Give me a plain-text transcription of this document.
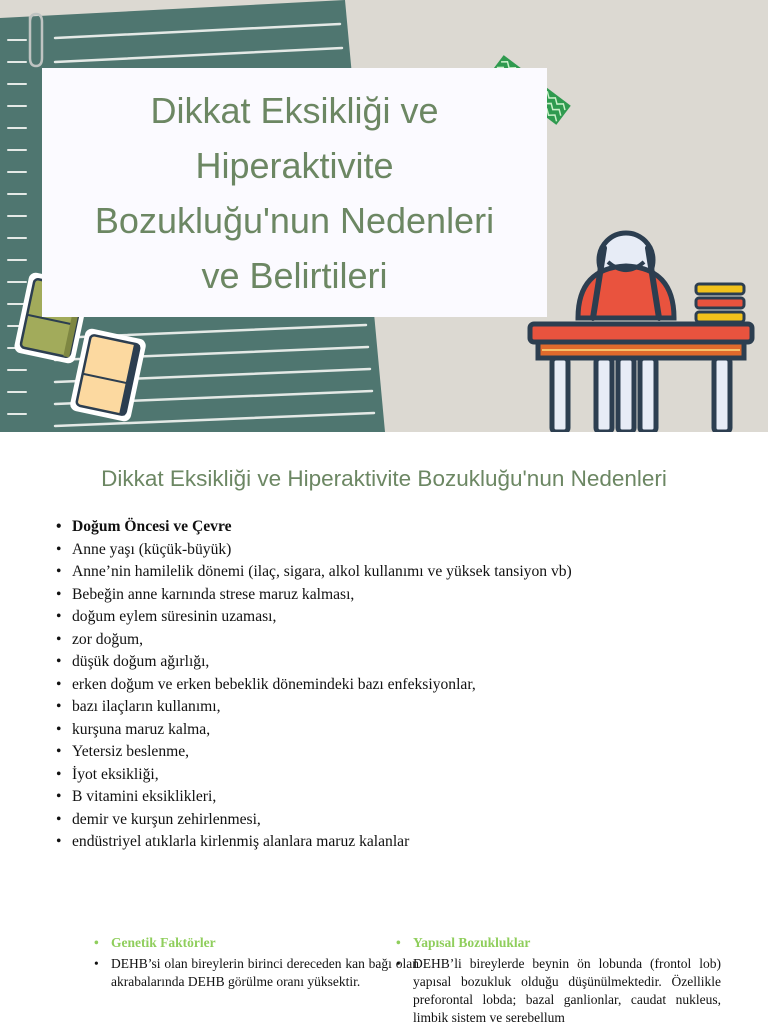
Dikkat Eksikliği ve Hiperaktivite Bozukluğu'nun Nedenleri ve Belirtileri
Dikkat Eksikliği ve Hiperaktivite Bozukluğu'nun Nedenleri
• Doğum Öncesi ve Çevre
• Anne yaşı (küçük-büyük)
• Anne’nin hamilelik dönemi (ilaç, sigara, alkol kullanımı ve yüksek tansiyon vb)
• Bebeğin anne karnında strese maruz kalması,
• doğum eylem süresinin uzaması,
• zor doğum,
• düşük doğum ağırlığı,
• erken doğum ve erken bebeklik dönemindeki bazı enfeksiyonlar,
• bazı ilaçların kullanımı,
• kurşuna maruz kalma,
• Yetersiz beslenme,
• İyot eksikliği,
• B vitamini eksiklikleri,
• demir ve kurşun zehirlenmesi,
• endüstriyel atıklarla kirlenmiş alanlara maruz kalanlar
• Genetik Faktörler
• DEHB’si olan bireylerin birinci dereceden kan bağı olan akrabalarında DEHB görülme oranı yüksektir.
• Yapısal Bozukluklar
• DEHB’li bireylerde beynin ön lobunda (frontol lob) yapısal bozukluk olduğu düşünülmektedir. Özellikle preforontal lobda; bazal ganlionlar, caudat nukleus, limbik sistem ve serebellum
